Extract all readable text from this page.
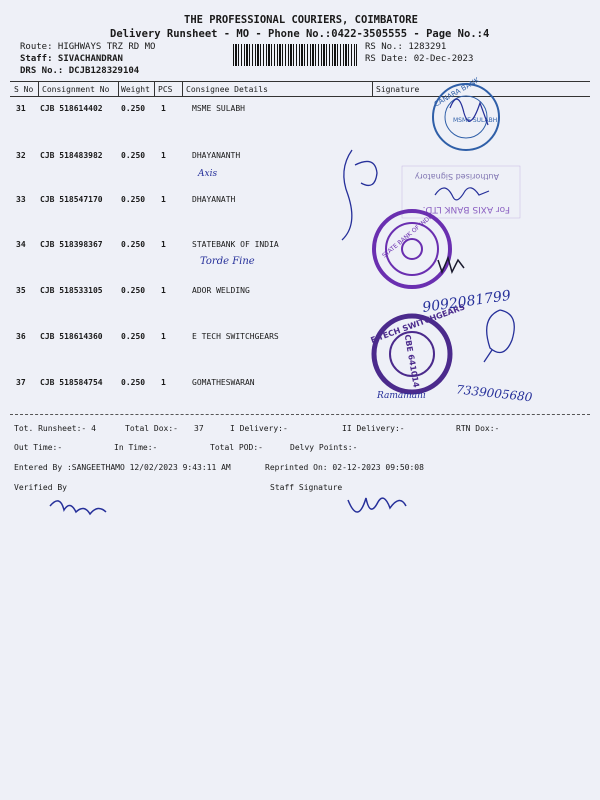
THE PROFESSIONAL COURIERS, COIMBATORE
Delivery Runsheet - MO - Phone No.:0422-3505555 - Page No.:4
Route: HIGHWAYS TRZ RD MO
Staff: SIVACHANDRAN
DRS No.: DCJB128329104
RS No.: 1283291
RS Date: 02-Dec-2023
S No Consignment No Weight PCS Consignee Details	Signature
31 CJB 518614402 0.250 1	MSME SULABH
32 CJB 518483982 0.250 1	DHAYANANTH
33 CJB 518547170 0.250 1	DHAYANATH
34 CJB 518398367 0.250 1	STATEBANK OF INDIA
35 CJB 518533105 0.250 1	ADOR WELDING
36 CJB 518614360 0.250 1	E TECH SWITCHGEARS
37 CJB 518584754 0.250 1	GOMATHESWARAN
Tot. Runsheet:- 4	Total Dox:- 37	I Delivery:-	II Delivery:-	RTN Dox:-
Out Time:-	In Time:-	Total POD:-	Delvy Points:-
Entered By :SANGEETHAMO 12/02/2023 9:43:11 AM	Reprinted On: 02-12-2023 09:50:08
Verified By	Staff Signature
CANARA BANK
MSME SULABH
Authorised Signatory
For AXIS BANK LTD.
STATE BANK OF INDIA
E-TECH SWITCHGEARS
CBE 641014
Axis
Torde Fine
9092081799
Ramamani 7339005680
